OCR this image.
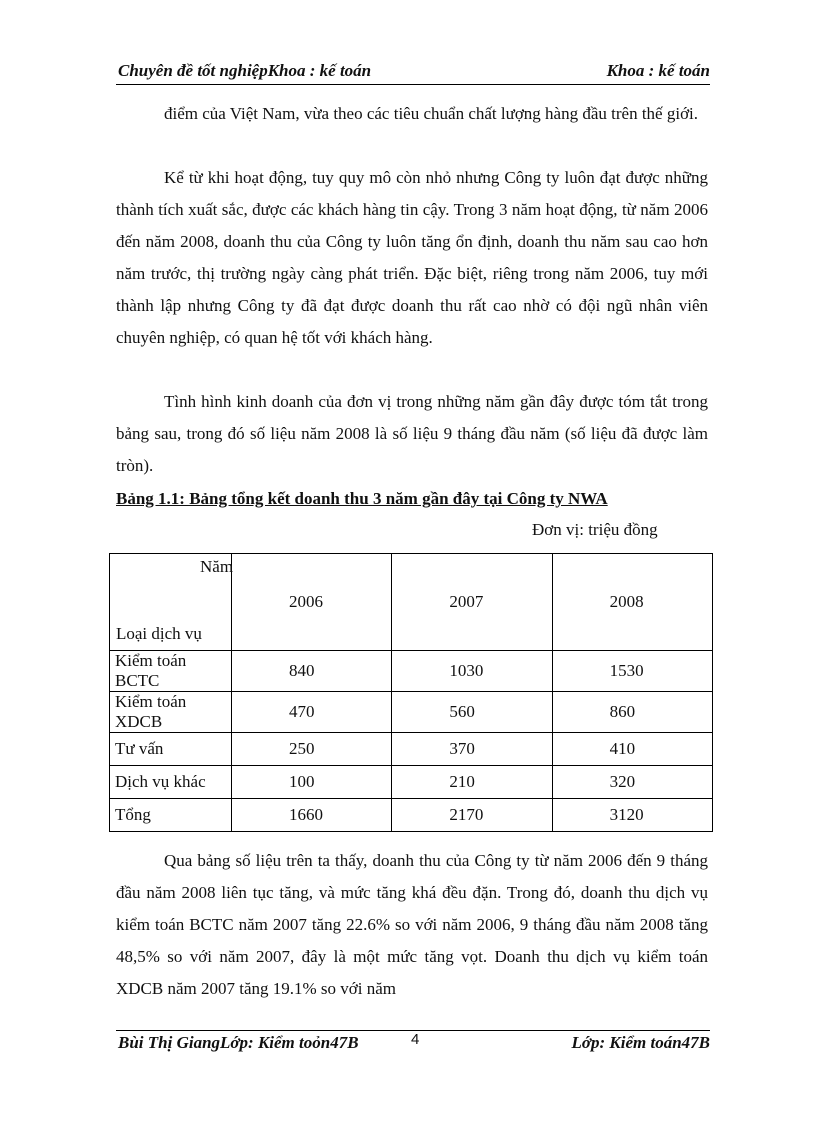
Chuyên đề tốt nghiệpKhoa : kế toán	Khoa : kế toán

điểm của Việt Nam, vừa theo các tiêu chuẩn chất lượng hàng đầu trên thế giới.

Kể từ khi hoạt động, tuy quy mô còn nhỏ nhưng Công ty luôn đạt được những thành tích xuất sắc, được các khách hàng tin cậy. Trong 3 năm hoạt động, từ năm 2006 đến năm 2008, doanh thu của Công ty luôn tăng ổn định, doanh thu năm sau cao hơn năm trước, thị trường ngày càng phát triển. Đặc biệt, riêng trong năm 2006, tuy mới thành lập nhưng Công ty đã đạt được doanh thu rất cao nhờ có đội ngũ nhân viên chuyên nghiệp, có quan hệ tốt với khách hàng.

Tình hình kinh doanh của đơn vị trong những năm gần đây được tóm tắt trong bảng sau, trong đó số liệu năm 2008 là số liệu 9 tháng đầu năm (số liệu đã được làm tròn).

Bảng 1.1: Bảng tổng kết doanh thu 3 năm gần đây tại Công ty NWA
Đơn vị: triệu đồng
Năm
Loại dịch vụ	2006	2007	2008
Kiểm toán BCTC	840	1030	1530
Kiểm toán XDCB	470	560	860
Tư vấn	250	370	410
Dịch vụ khác	100	210	320
Tổng	1660	2170	3120

Qua bảng số liệu trên ta thấy, doanh thu của Công ty từ năm 2006 đến 9 tháng đầu năm 2008 liên tục tăng, và mức tăng khá đều đặn. Trong đó, doanh thu dịch vụ kiểm toán BCTC năm 2007 tăng 22.6% so với năm 2006, 9 tháng đầu năm 2008 tăng 48,5% so với năm 2007, đây là một mức tăng vọt. Doanh thu dịch vụ kiểm toán XDCB năm 2007 tăng 19.1% so với năm

Bùi Thị GiangLớp: Kiểm toỏn47B	4	Lớp: Kiểm toán47B
